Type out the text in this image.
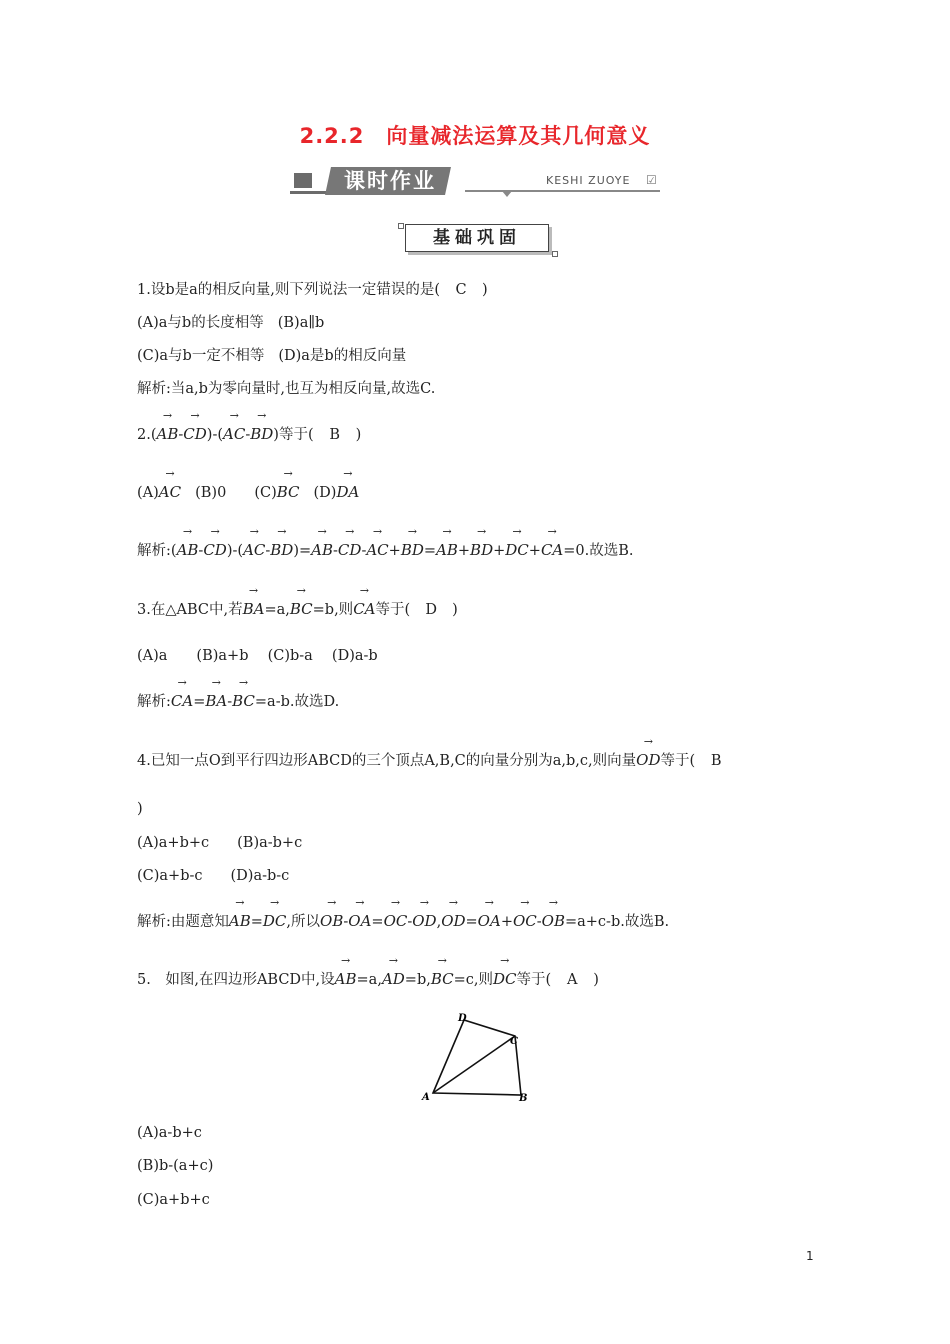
2.2.2　向量减法运算及其几何意义
课时作业	KESHI ZUOYE ☑
基础巩固
1.设b是a的相反向量,则下列说法一定错误的是( C )
(A)a与b的长度相等 (B)a∥b
(C)a与b一定不相等 (D)a是b的相反向量
解析:当a,b为零向量时,也互为相反向量,故选C.
2.(→ AB-→ CD)-(→ AC-→ BD)等于( B )
(A)→ AC (B)0 (C)→ BC (D)→ DA
解析:(→ AB-→ CD)-(→ AC-→ BD)=→ AB-→ CD-→ AC+→ BD=→ AB+→ BD+→ DC+→ CA=0.故选B.
3.在△ABC中,若→ BA=a,→ BC=b,则→ CA等于( D )
(A)a　　(B)a+b　 (C)b-a　 (D)a-b
解析:→ CA=→ BA-→ BC=a-b.故选D.
4.已知一点O到平行四边形ABCD的三个顶点A,B,C的向量分别为a,b,c,则向量→ OD等于( B
)
(A)a+b+c (B)a-b+c
(C)a+b-c (D)a-b-c
解析:由题意知→ AB=→ DC,所以→ OB-→ OA=→ OC-→ OD,→ OD=→ OA+→ OC-→ OB=a+c-b.故选B.
5.　如图,在四边形ABCD中,设→ AB=a,→ AD=b,→ BC=c,则→ DC等于( A )
A	B
C
D
(A)a-b+c
(B)b-(a+c)
(C)a+b+c
1
